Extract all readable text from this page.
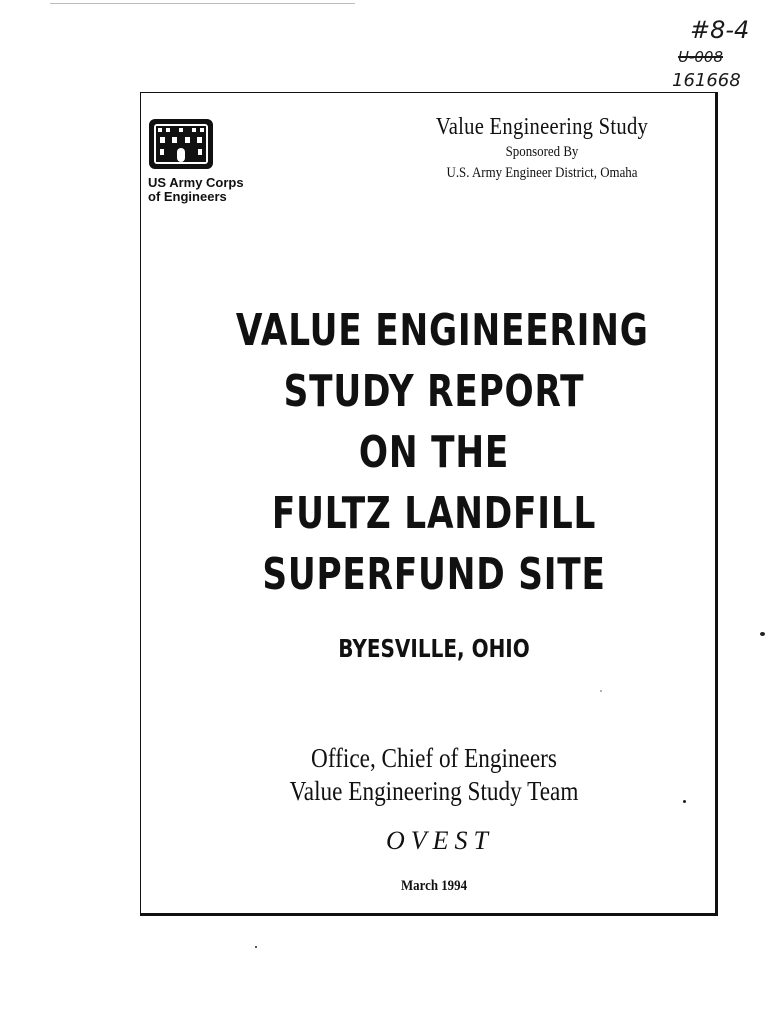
#8-4
U-008
161668
US Army Corps
of Engineers
Value Engineering Study
Sponsored By
U.S. Army Engineer District, Omaha
VALUE ENGINEERING
STUDY REPORT
ON THE
FULTZ LANDFILL
SUPERFUND SITE
BYESVILLE, OHIO
Office, Chief of Engineers
Value Engineering Study Team
OVEST
March 1994
